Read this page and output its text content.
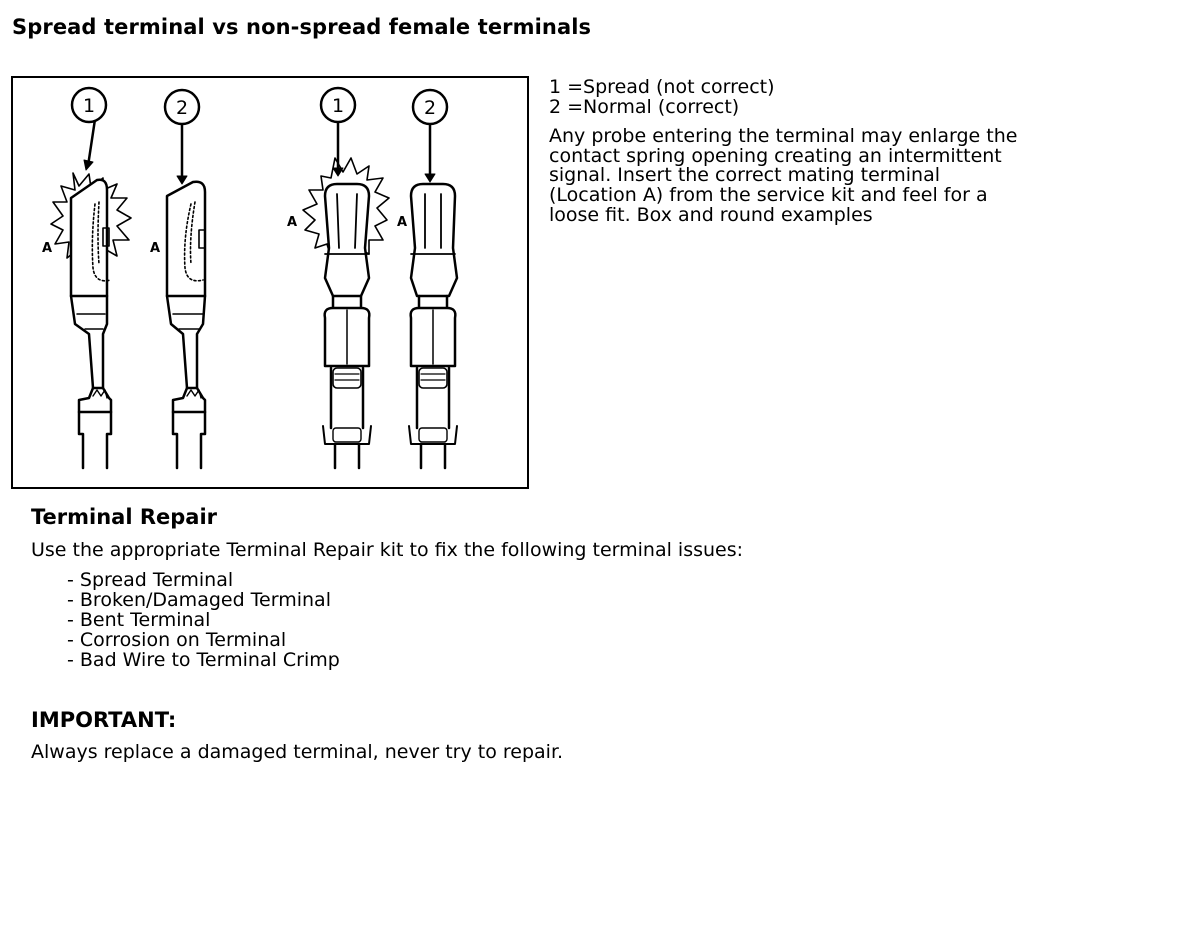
Spread terminal vs non-spread female terminals
1	2	1	2
A	A
A	A

1 =Spread (not correct)

2 =Normal (correct)

Any probe entering the terminal may enlarge the contact spring opening creating an intermittent signal. Insert the correct mating terminal (Location A) from the service kit and feel for a loose fit. Box and round examples

Terminal Repair

Use the appropriate Terminal Repair kit to fix the following terminal issues:

- Spread Terminal
- Broken/Damaged Terminal
- Bent Terminal
- Corrosion on Terminal
- Bad Wire to Terminal Crimp
IMPORTANT:

Always replace a damaged terminal, never try to repair.
